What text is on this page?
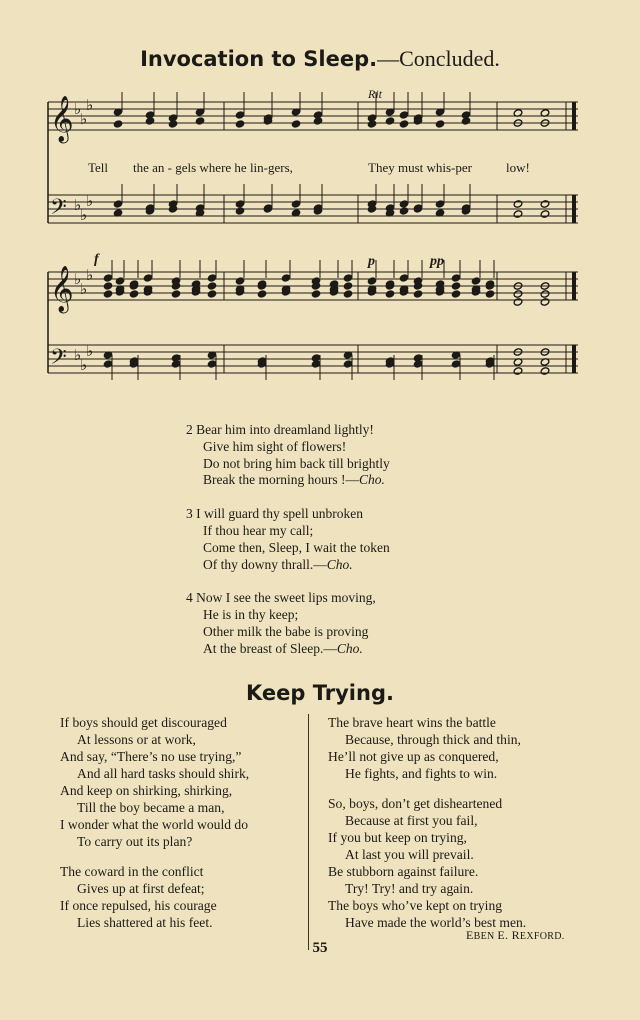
Invocation to Sleep.—Concluded.
𝄞
𝄢
𝄞
𝄢
♭
♭
♭
♭
♭
♭
♭
♭
♭
♭
♭
♭
Rit
f	p	pp
Tell the an - gels where he lin-gers,	They must whis-per	low!
2 Bear him into dreamland lightly!
Give him sight of flowers!
Do not bring him back till brightly
Break the morning hours !—Cho.
3 I will guard thy spell unbroken
If thou hear my call;
Come then, Sleep, I wait the token
Of thy downy thrall.—Cho.
4 Now I see the sweet lips moving,
He is in thy keep;
Other milk the babe is proving
At the breast of Sleep.—Cho.
Keep Trying.
If boys should get discouraged
At lessons or at work,
And say, “There’s no use trying,”
And all hard tasks should shirk,
And keep on shirking, shirking,
Till the boy became a man,
I wonder what the world would do
To carry out its plan?
The coward in the conflict
Gives up at first defeat;
If once repulsed, his courage
Lies shattered at his feet.
The brave heart wins the battle
Because, through thick and thin,
He’ll not give up as conquered,
He fights, and fights to win.
So, boys, don’t get disheartened
Because at first you fail,
If you but keep on trying,
At last you will prevail.
Be stubborn against failure.
Try! Try! and try again.
The boys who’ve kept on trying
Have made the world’s best men.
EBEN E. REXFORD.
55
